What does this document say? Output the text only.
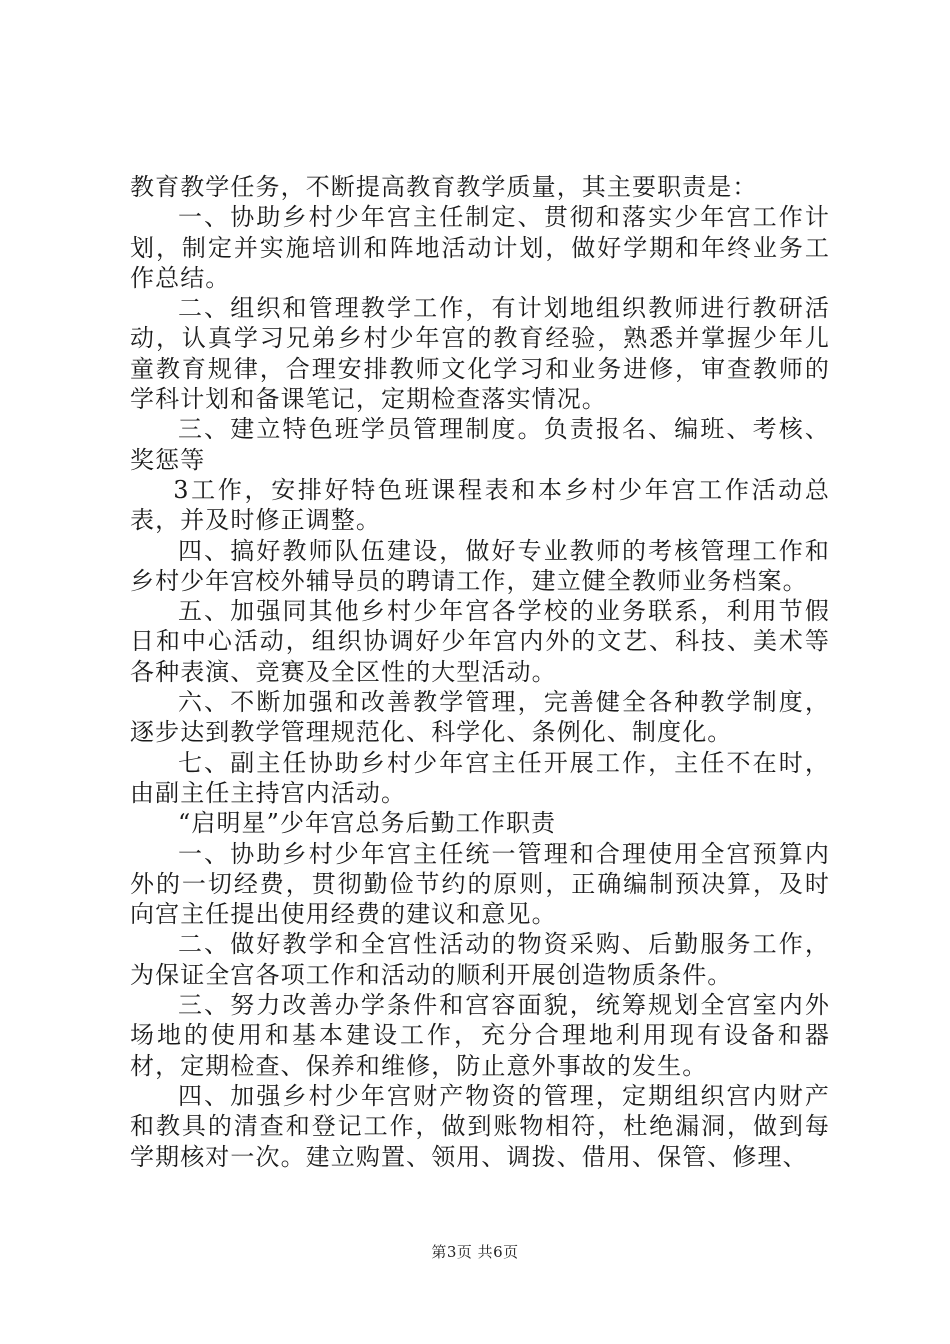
教育教学任务，不断提高教育教学质量，其主要职责是：

一、协助乡村少年宫主任制定、贯彻和落实少年宫工作计划，制定并实施培训和阵地活动计划，做好学期和年终业务工作总结。

二、组织和管理教学工作，有计划地组织教师进行教研活动，认真学习兄弟乡村少年宫的教育经验，熟悉并掌握少年儿童教育规律，合理安排教师文化学习和业务进修，审查教师的学科计划和备课笔记，定期检查落实情况。

三、建立特色班学员管理制度。负责报名、编班、考核、奖惩等

3工作，安排好特色班课程表和本乡村少年宫工作活动总表，并及时修正调整。

四、搞好教师队伍建设，做好专业教师的考核管理工作和乡村少年宫校外辅导员的聘请工作，建立健全教师业务档案。

五、加强同其他乡村少年宫各学校的业务联系，利用节假日和中心活动，组织协调好少年宫内外的文艺、科技、美术等各种表演、竞赛及全区性的大型活动。

六、不断加强和改善教学管理，完善健全各种教学制度，逐步达到教学管理规范化、科学化、条例化、制度化。

七、副主任协助乡村少年宫主任开展工作，主任不在时，由副主任主持宫内活动。

“启明星”少年宫总务后勤工作职责

一、协助乡村少年宫主任统一管理和合理使用全宫预算内外的一切经费，贯彻勤俭节约的原则，正确编制预决算，及时向宫主任提出使用经费的建议和意见。

二、做好教学和全宫性活动的物资采购、后勤服务工作，为保证全宫各项工作和活动的顺利开展创造物质条件。

三、努力改善办学条件和宫容面貌，统筹规划全宫室内外场地的使用和基本建设工作，充分合理地利用现有设备和器材，定期检查、保养和维修，防止意外事故的发生。

四、加强乡村少年宫财产物资的管理，定期组织宫内财产和教具的清查和登记工作，做到账物相符，杜绝漏洞，做到每学期核对一次。建立购置、领用、调拨、借用、保管、修理、

第3页 共6页
